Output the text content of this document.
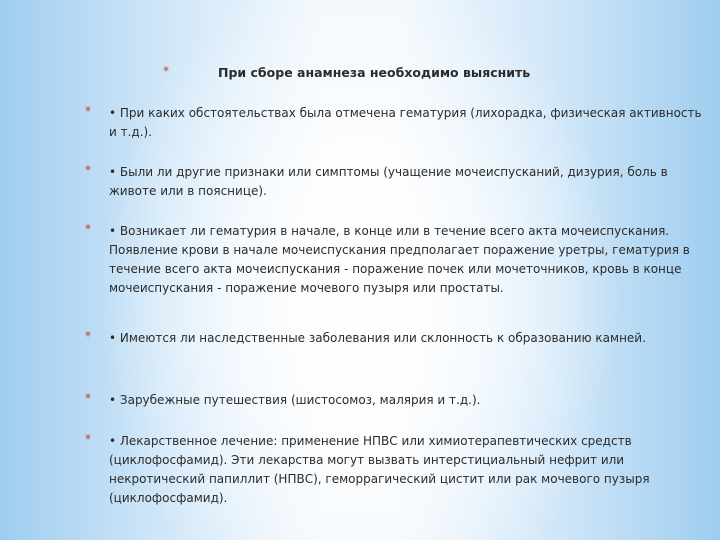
*	При сборе анамнеза необходимо выяснить
* • При каких обстоятельствах была отмечена гематурия (лихорадка, физическая активность и т.д.).
* • Были ли другие признаки или симптомы (учащение мочеиспусканий, дизурия, боль в животе или в пояснице).
* • Возникает ли гематурия в начале, в конце или в течение всего акта мочеиспускания. Появление крови в начале мочеиспускания предполагает поражение уретры, гематурия в течение всего акта мочеиспускания - поражение почек или мочеточников, кровь в конце мочеиспускания - поражение мочевого пузыря или простаты.
* • Имеются ли наследственные заболевания или склонность к образованию камней.
* • Зарубежные путешествия (шистосомоз, малярия и т.д.).
* • Лекарственное лечение: применение НПВС или химиотерапевтических средств (циклофосфамид). Эти лекарства могут вызвать интерстициальный нефрит или некротический папиллит (НПВС), геморрагический цистит или рак мочевого пузыря (циклофосфамид).
